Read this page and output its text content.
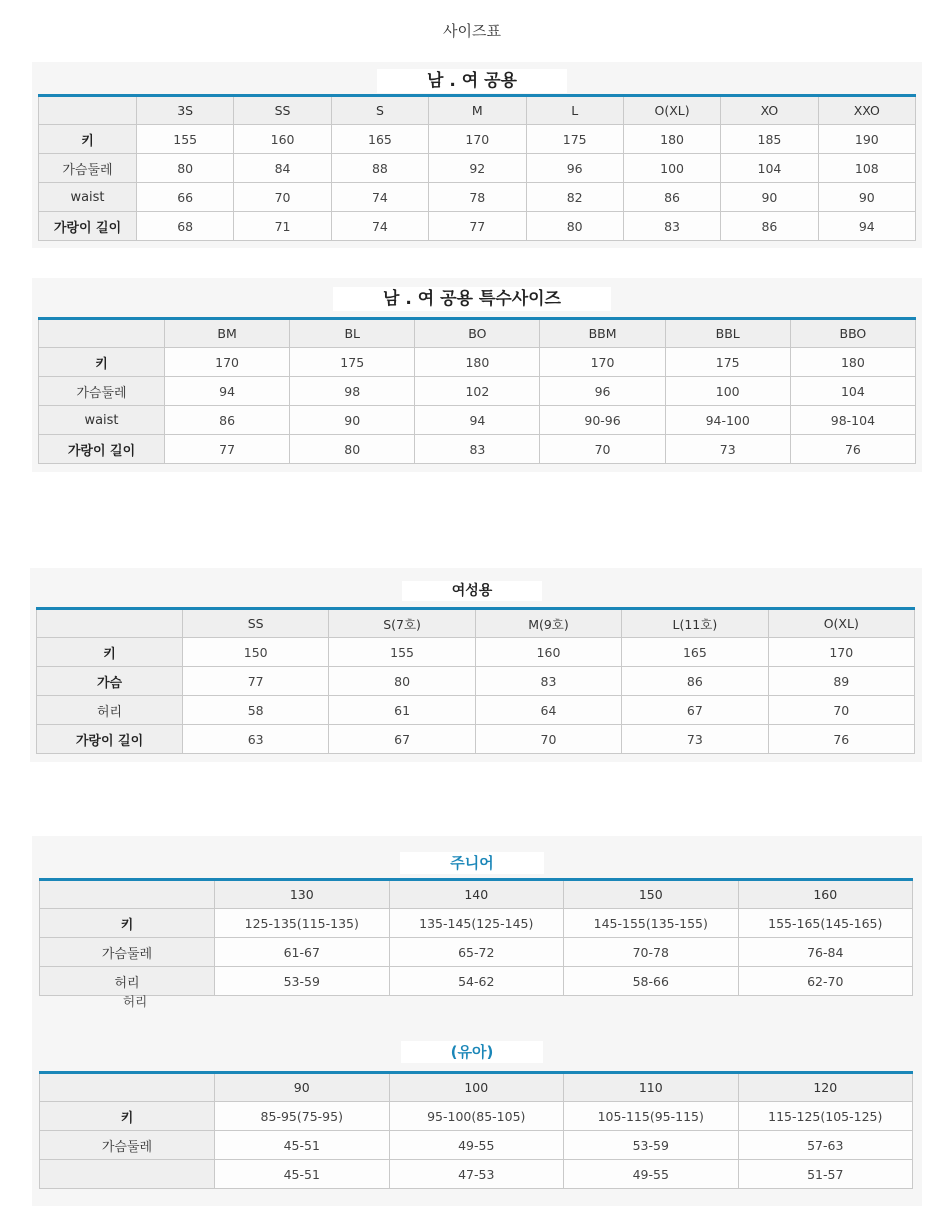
사이즈표
남 . 여 공용
	3S	SS	S	M	L	O(XL)	XO	XXO
키	155	160	165	170	175	180	185	190
가슴둘레	80	84	88	92	96	100	104	108
waist	66	70	74	78	82	86	90	90
가랑이 길이	68	71	74	77	80	83	86	94
남 . 여 공용 특수사이즈
	BM	BL	BO	BBM	BBL	BBO
키	170	175	180	170	175	180
가슴둘레	94	98	102	96	100	104
waist	86	90	94	90-96	94-100	98-104
가랑이 길이	77	80	83	70	73	76
여성용
	SS	S(7호)	M(9호)	L(11호)	O(XL)
키	150	155	160	165	170
가슴	77	80	83	86	89
허리	58	61	64	67	70
가랑이 길이	63	67	70	73	76
주니어
	130	140	150	160
키	125-135(115-135)	135-145(125-145)	145-155(135-155)	155-165(145-165)
가슴둘레	61-67	65-72	70-78	76-84
허리	53-59	54-62	58-66	62-70
허리
(유아)
	90	100	110	120
키	85-95(75-95)	95-100(85-105)	105-115(95-115)	115-125(105-125)
가슴둘레	45-51	49-55	53-59	57-63
	45-51	47-53	49-55	51-57
